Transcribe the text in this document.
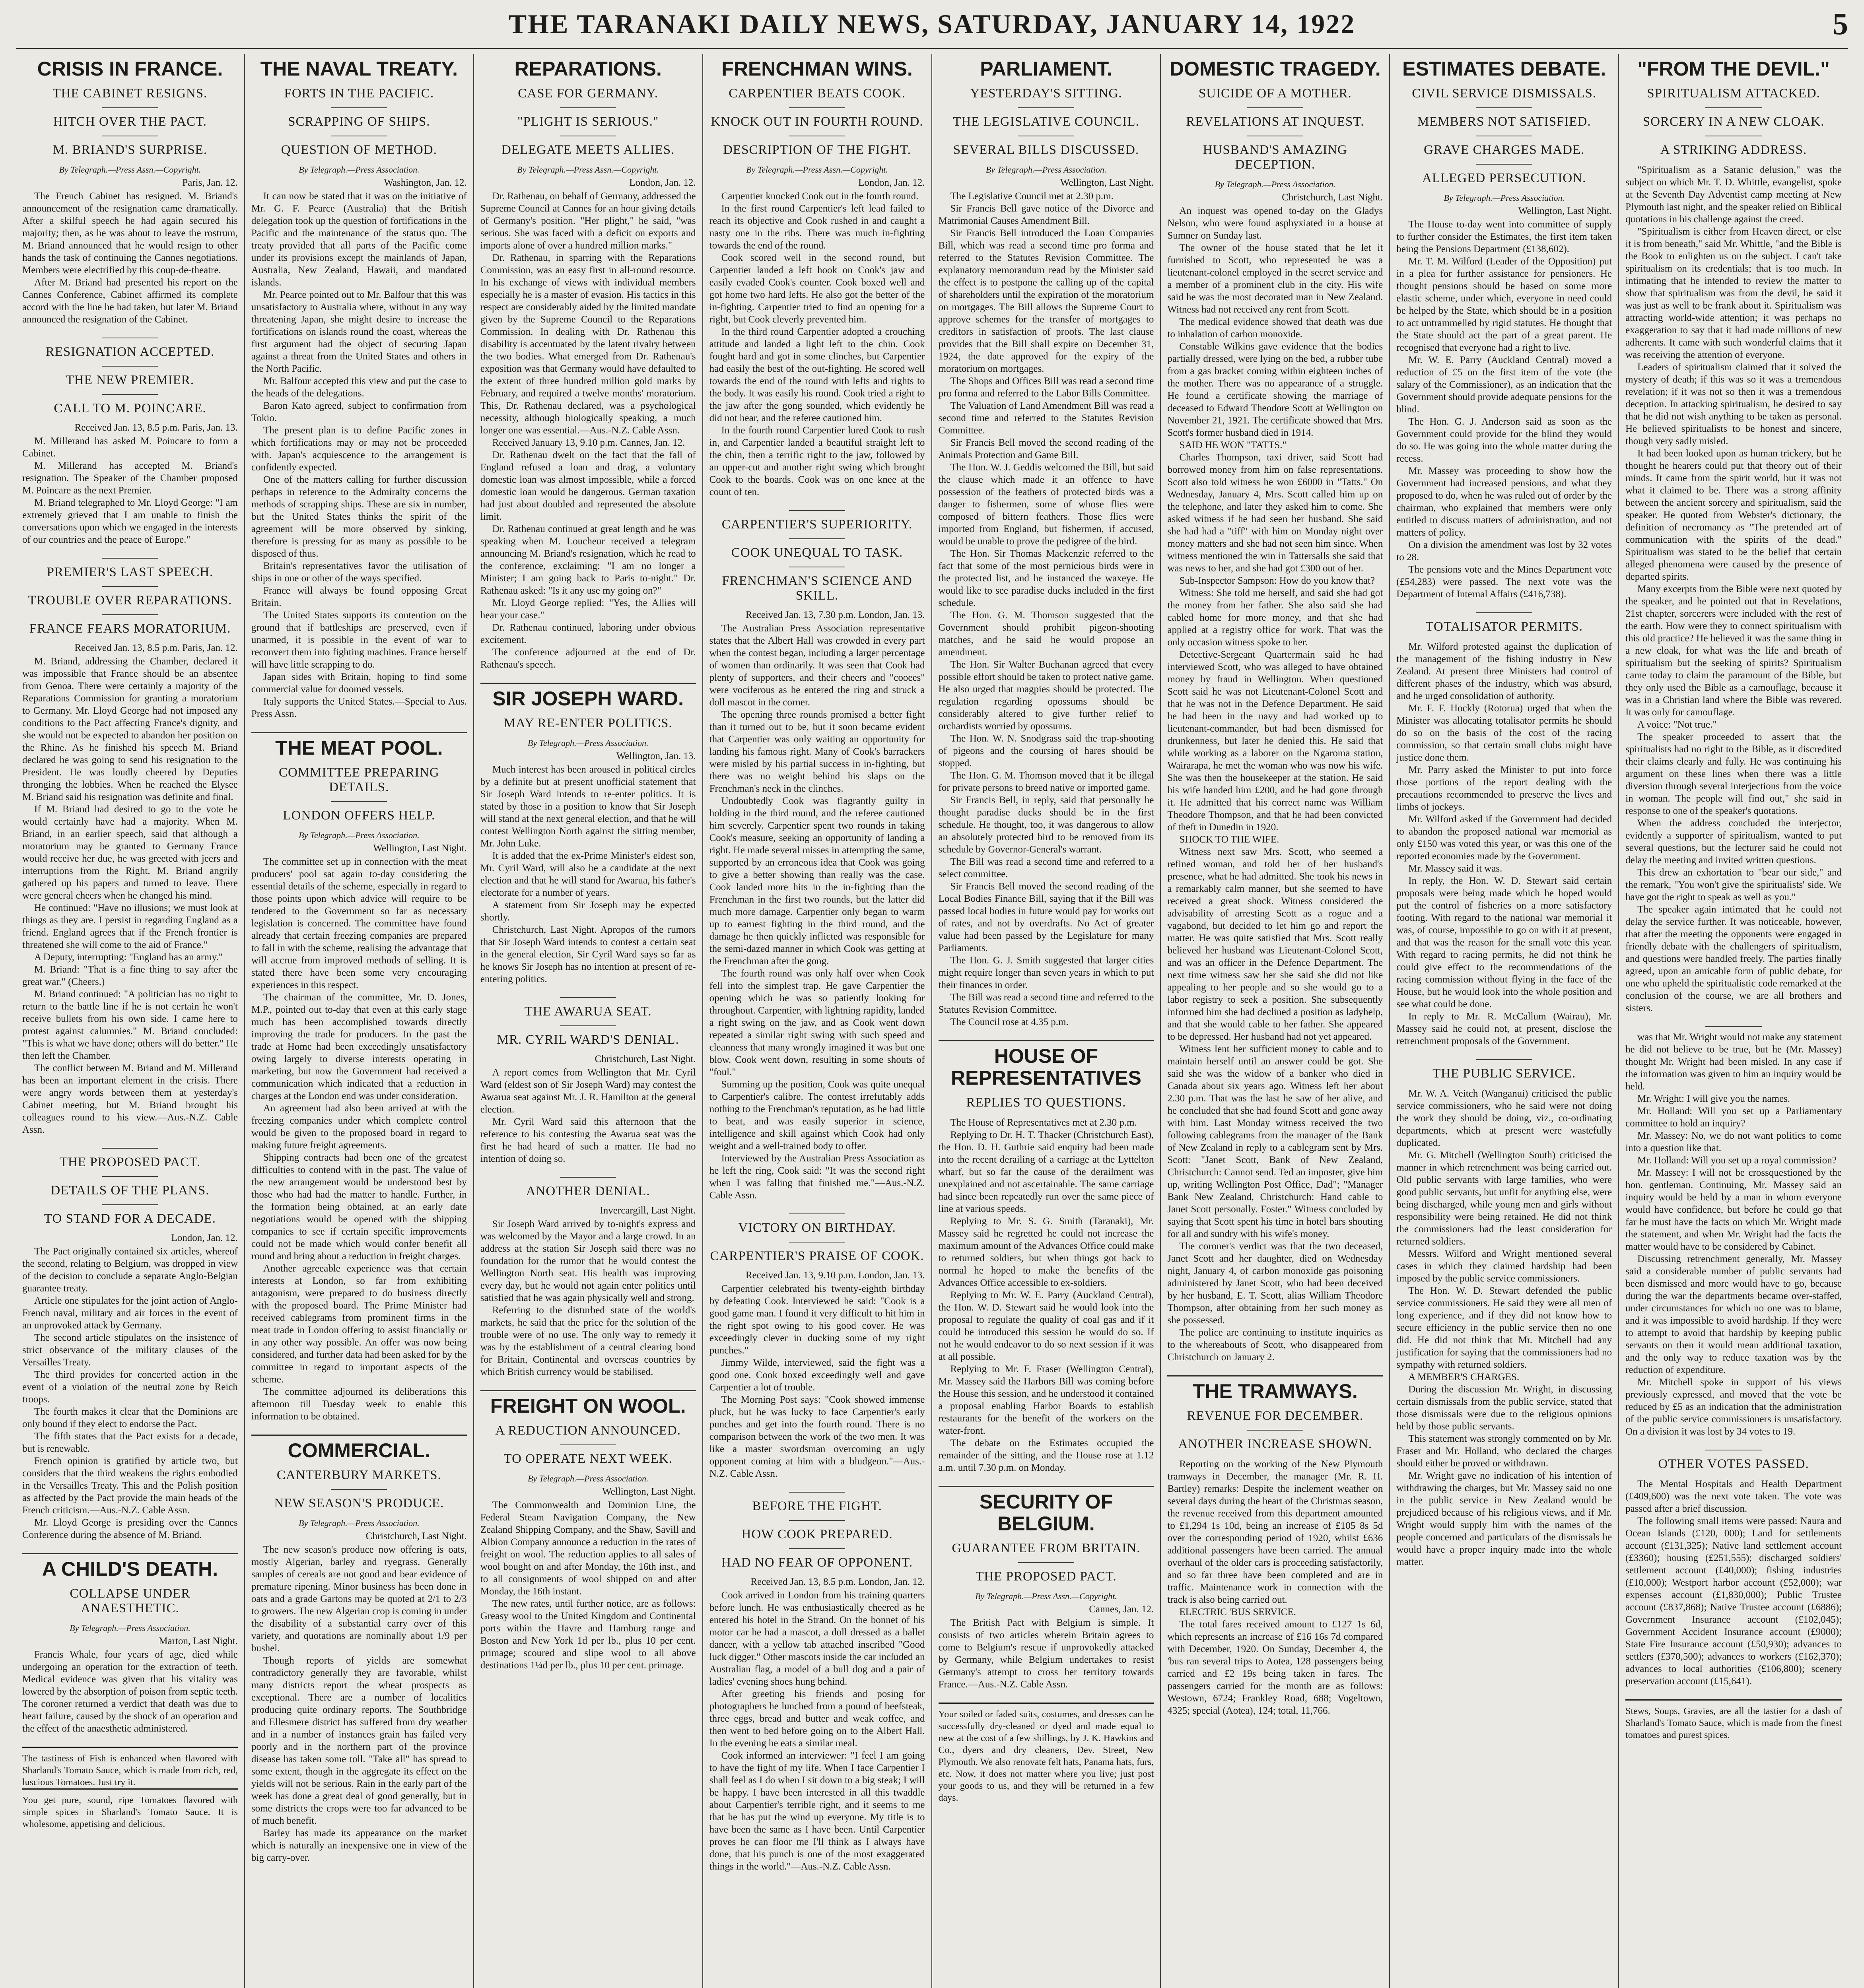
THE TARANAKI DAILY NEWS, SATURDAY, JANUARY 14, 1922	5
CRISIS IN FRANCE.
THE CABINET RESIGNS.
HITCH OVER THE PACT.
M. BRIAND'S SURPRISE.
By Telegraph.—Press Assn.—Copyright.
Paris, Jan. 12.

The French Cabinet has resigned. M. Briand's announcement of the resignation came dramatically. After a skilful speech he had again secured his majority; then, as he was about to leave the rostrum, M. Briand announced that he would resign to other hands the task of continuing the Cannes negotiations. Members were electrified by this coup-de-theatre.

After M. Briand had presented his report on the Cannes Conference, Cabinet affirmed its complete accord with the line he had taken, but later M. Briand announced the resignation of the Cabinet.

RESIGNATION ACCEPTED.
THE NEW PREMIER.
CALL TO M. POINCARE.
Received Jan. 13, 8.5 p.m. Paris, Jan. 13.

M. Millerand has asked M. Poincare to form a Cabinet.

M. Millerand has accepted M. Briand's resignation. The Speaker of the Chamber proposed M. Poincare as the next Premier.

M. Briand telegraphed to Mr. Lloyd George: "I am extremely grieved that I am unable to finish the conversations upon which we engaged in the interests of our countries and the peace of Europe."

PREMIER'S LAST SPEECH.
TROUBLE OVER REPARATIONS.
FRANCE FEARS MORATORIUM.
Received Jan. 13, 8.5 p.m. Paris, Jan. 12.

M. Briand, addressing the Chamber, declared it was impossible that France should be an absentee from Genoa. There were certainly a majority of the Reparations Commission for granting a moratorium to Germany. Mr. Lloyd George had not imposed any conditions to the Pact affecting France's dignity, and she would not be expected to abandon her position on the Rhine. As he finished his speech M. Briand declared he was going to send his resignation to the President. He was loudly cheered by Deputies thronging the lobbies. When he reached the Elysee M. Briand said his resignation was definite and final.

If M. Briand had desired to go to the vote he would certainly have had a majority. When M. Briand, in an earlier speech, said that although a moratorium may be granted to Germany France would receive her due, he was greeted with jeers and interruptions from the Right. M. Briand angrily gathered up his papers and turned to leave. There were general cheers when he changed his mind.

He continued: "Have no illusions; we must look at things as they are. I persist in regarding England as a friend. England agrees that if the French frontier is threatened she will come to the aid of France."

A Deputy, interrupting: "England has an army."

M. Briand: "That is a fine thing to say after the great war." (Cheers.)

M. Briand continued: "A politician has no right to return to the battle line if he is not certain he won't receive bullets from his own side. I came here to protest against calumnies." M. Briand concluded: "This is what we have done; others will do better." He then left the Chamber.

The conflict between M. Briand and M. Millerand has been an important element in the crisis. There were angry words between them at yesterday's Cabinet meeting, but M. Briand brought his colleagues round to his view.—Aus.-N.Z. Cable Assn.

THE PROPOSED PACT.
DETAILS OF THE PLANS.
TO STAND FOR A DECADE.
London, Jan. 12.

The Pact originally contained six articles, whereof the second, relating to Belgium, was dropped in view of the decision to conclude a separate Anglo-Belgian guarantee treaty.

Article one stipulates for the joint action of Anglo-French naval, military and air forces in the event of an unprovoked attack by Germany.

The second article stipulates on the insistence of strict observance of the military clauses of the Versailles Treaty.

The third provides for concerted action in the event of a violation of the neutral zone by Reich troops.

The fourth makes it clear that the Dominions are only bound if they elect to endorse the Pact.

The fifth states that the Pact exists for a decade, but is renewable.

French opinion is gratified by article two, but considers that the third weakens the rights embodied in the Versailles Treaty. This and the Polish position as affected by the Pact provide the main heads of the French criticism.—Aus.-N.Z. Cable Assn.

Mr. Lloyd George is presiding over the Cannes Conference during the absence of M. Briand.

A CHILD'S DEATH.
COLLAPSE UNDER ANAESTHETIC.
By Telegraph.—Press Association.
Marton, Last Night.

Francis Whale, four years of age, died while undergoing an operation for the extraction of teeth. Medical evidence was given that his vitality was lowered by the absorption of poison from septic teeth. The coroner returned a verdict that death was due to heart failure, caused by the shock of an operation and the effect of the anaesthetic administered.

The tastiness of Fish is enhanced when flavored with Sharland's Tomato Sauce, which is made from rich, red, luscious Tomatoes. Just try it.
You get pure, sound, ripe Tomatoes flavored with simple spices in Sharland's Tomato Sauce. It is wholesome, appetising and delicious.
THE NAVAL TREATY.
FORTS IN THE PACIFIC.
SCRAPPING OF SHIPS.
QUESTION OF METHOD.
By Telegraph.—Press Association.
Washington, Jan. 12.

It can now be stated that it was on the initiative of Mr. G. F. Pearce (Australia) that the British delegation took up the question of fortifications in the Pacific and the maintenance of the status quo. The treaty provided that all parts of the Pacific come under its provisions except the mainlands of Japan, Australia, New Zealand, Hawaii, and mandated islands.

Mr. Pearce pointed out to Mr. Balfour that this was unsatisfactory to Australia where, without in any way threatening Japan, she might desire to increase the fortifications on islands round the coast, whereas the first argument had the object of securing Japan against a threat from the United States and others in the North Pacific.

Mr. Balfour accepted this view and put the case to the heads of the delegations.

Baron Kato agreed, subject to confirmation from Tokio.

The present plan is to define Pacific zones in which fortifications may or may not be proceeded with. Japan's acquiescence to the arrangement is confidently expected.

One of the matters calling for further discussion perhaps in reference to the Admiralty concerns the methods of scrapping ships. These are six in number, but the United States thinks the spirit of the agreement will be more observed by sinking, therefore is pressing for as many as possible to be disposed of thus.

Britain's representatives favor the utilisation of ships in one or other of the ways specified.

France will always be found opposing Great Britain.

The United States supports its contention on the ground that if battleships are preserved, even if unarmed, it is possible in the event of war to reconvert them into fighting machines. France herself will have little scrapping to do.

Japan sides with Britain, hoping to find some commercial value for doomed vessels.

Italy supports the United States.—Special to Aus. Press Assn.

THE MEAT POOL.
COMMITTEE PREPARING DETAILS.
LONDON OFFERS HELP.
By Telegraph.—Press Association.
Wellington, Last Night.

The committee set up in connection with the meat producers' pool sat again to-day considering the essential details of the scheme, especially in regard to those points upon which advice will require to be tendered to the Government so far as necessary legislation is concerned. The committee have found already that certain freezing companies are prepared to fall in with the scheme, realising the advantage that will accrue from improved methods of selling. It is stated there have been some very encouraging experiences in this respect.

The chairman of the committee, Mr. D. Jones, M.P., pointed out to-day that even at this early stage much has been accomplished towards directly improving the trade for producers. In the past the trade at Home had been exceedingly unsatisfactory owing largely to diverse interests operating in marketing, but now the Government had received a communication which indicated that a reduction in charges at the London end was under consideration.

An agreement had also been arrived at with the freezing companies under which complete control would be given to the proposed board in regard to making future freight agreements.

Shipping contracts had been one of the greatest difficulties to contend with in the past. The value of the new arrangement would be understood best by those who had had the matter to handle. Further, in the formation being obtained, at an early date negotiations would be opened with the shipping companies to see if certain specific improvements could not be made which would confer benefit all round and bring about a reduction in freight charges.

Another agreeable experience was that certain interests at London, so far from exhibiting antagonism, were prepared to do business directly with the proposed board. The Prime Minister had received cablegrams from prominent firms in the meat trade in London offering to assist financially or in any other way possible. An offer was now being considered, and further data had been asked for by the committee in regard to important aspects of the scheme.

The committee adjourned its deliberations this afternoon till Tuesday week to enable this information to be obtained.

COMMERCIAL.
CANTERBURY MARKETS.
NEW SEASON'S PRODUCE.
By Telegraph.—Press Association.
Christchurch, Last Night.

The new season's produce now offering is oats, mostly Algerian, barley and ryegrass. Generally samples of cereals are not good and bear evidence of premature ripening. Minor business has been done in oats and a grade Gartons may be quoted at 2/1 to 2/3 to growers. The new Algerian crop is coming in under the disability of a substantial carry over of this variety, and quotations are nominally about 1/9 per bushel.

Though reports of yields are somewhat contradictory generally they are favorable, whilst many districts report the wheat prospects as exceptional. There are a number of localities producing quite ordinary reports. The Southbridge and Ellesmere district has suffered from dry weather and in a number of instances grain has failed very poorly and in the northern part of the province disease has taken some toll. "Take all" has spread to some extent, though in the aggregate its effect on the yields will not be serious. Rain in the early part of the week has done a great deal of good generally, but in some districts the crops were too far advanced to be of much benefit.

Barley has made its appearance on the market which is naturally an inexpensive one in view of the big carry-over.

REPARATIONS.
CASE FOR GERMANY.
"PLIGHT IS SERIOUS."
DELEGATE MEETS ALLIES.
By Telegraph.—Press Assn.—Copyright.
London, Jan. 12.

Dr. Rathenau, on behalf of Germany, addressed the Supreme Council at Cannes for an hour giving details of Germany's position. "Her plight," he said, "was serious. She was faced with a deficit on exports and imports alone of over a hundred million marks."

Dr. Rathenau, in sparring with the Reparations Commission, was an easy first in all-round resource. In his exchange of views with individual members especially he is a master of evasion. His tactics in this respect are considerably aided by the limited mandate given by the Supreme Council to the Reparations Commission. In dealing with Dr. Rathenau this disability is accentuated by the latent rivalry between the two bodies. What emerged from Dr. Rathenau's exposition was that Germany would have defaulted to the extent of three hundred million gold marks by February, and required a twelve months' moratorium. This, Dr. Rathenau declared, was a psychological necessity, although biologically speaking, a much longer one was essential.—Aus.-N.Z. Cable Assn.

Received January 13, 9.10 p.m. Cannes, Jan. 12.

Dr. Rathenau dwelt on the fact that the fall of England refused a loan and drag, a voluntary domestic loan was almost impossible, while a forced domestic loan would be dangerous. German taxation had just about doubled and represented the absolute limit.

Dr. Rathenau continued at great length and he was speaking when M. Loucheur received a telegram announcing M. Briand's resignation, which he read to the conference, exclaiming: "I am no longer a Minister; I am going back to Paris to-night." Dr. Rathenau asked: "Is it any use my going on?"

Mr. Lloyd George replied: "Yes, the Allies will hear your case."

Dr. Rathenau continued, laboring under obvious excitement.

The conference adjourned at the end of Dr. Rathenau's speech.

SIR JOSEPH WARD.
MAY RE-ENTER POLITICS.
By Telegraph.—Press Association.
Wellington, Jan. 13.

Much interest has been aroused in political circles by a definite but at present unofficial statement that Sir Joseph Ward intends to re-enter politics. It is stated by those in a position to know that Sir Joseph will stand at the next general election, and that he will contest Wellington North against the sitting member, Mr. John Luke.

It is added that the ex-Prime Minister's eldest son, Mr. Cyril Ward, will also be a candidate at the next election and that he will stand for Awarua, his father's electorate for a number of years.

A statement from Sir Joseph may be expected shortly.

Christchurch, Last Night. Apropos of the rumors that Sir Joseph Ward intends to contest a certain seat in the general election, Sir Cyril Ward says so far as he knows Sir Joseph has no intention at present of re-entering politics.

THE AWARUA SEAT.
MR. CYRIL WARD'S DENIAL.
Christchurch, Last Night.

A report comes from Wellington that Mr. Cyril Ward (eldest son of Sir Joseph Ward) may contest the Awarua seat against Mr. J. R. Hamilton at the general election.

Mr. Cyril Ward said this afternoon that the reference to his contesting the Awarua seat was the first he had heard of such a matter. He had no intention of doing so.

ANOTHER DENIAL.
Invercargill, Last Night.

Sir Joseph Ward arrived by to-night's express and was welcomed by the Mayor and a large crowd. In an address at the station Sir Joseph said there was no foundation for the rumor that he would contest the Wellington North seat. His health was improving every day, but he would not again enter politics until satisfied that he was again physically well and strong.

Referring to the disturbed state of the world's markets, he said that the price for the solution of the trouble were of no use. The only way to remedy it was by the establishment of a central clearing bond for Britain, Continental and overseas countries by which British currency would be stabilised.

FREIGHT ON WOOL.
A REDUCTION ANNOUNCED.
TO OPERATE NEXT WEEK.
By Telegraph.—Press Association.
Wellington, Last Night.

The Commonwealth and Dominion Line, the Federal Steam Navigation Company, the New Zealand Shipping Company, and the Shaw, Savill and Albion Company announce a reduction in the rates of freight on wool. The reduction applies to all sales of wool bought on and after Monday, the 16th inst., and to all consignments of wool shipped on and after Monday, the 16th instant.

The new rates, until further notice, are as follows: Greasy wool to the United Kingdom and Continental ports within the Havre and Hamburg range and Boston and New York 1d per lb., plus 10 per cent. primage; scoured and slipe wool to all above destinations 1¼d per lb., plus 10 per cent. primage.

FRENCHMAN WINS.
CARPENTIER BEATS COOK.
KNOCK OUT IN FOURTH ROUND.
DESCRIPTION OF THE FIGHT.
By Telegraph.—Press Assn.—Copyright.
London, Jan. 12.

Carpentier knocked Cook out in the fourth round.

In the first round Carpentier's left lead failed to reach its objective and Cook rushed in and caught a nasty one in the ribs. There was much in-fighting towards the end of the round.

Cook scored well in the second round, but Carpentier landed a left hook on Cook's jaw and easily evaded Cook's counter. Cook boxed well and got home two hard lefts. He also got the better of the in-fighting. Carpentier tried to find an opening for a right, but Cook cleverly prevented him.

In the third round Carpentier adopted a crouching attitude and landed a light left to the chin. Cook fought hard and got in some clinches, but Carpentier had easily the best of the out-fighting. He scored well towards the end of the round with lefts and rights to the body. It was easily his round. Cook tried a right to the jaw after the gong sounded, which evidently he did not hear, and the referee cautioned him.

In the fourth round Carpentier lured Cook to rush in, and Carpentier landed a beautiful straight left to the chin, then a terrific right to the jaw, followed by an upper-cut and another right swing which brought Cook to the boards. Cook was on one knee at the count of ten.

CARPENTIER'S SUPERIORITY.
COOK UNEQUAL TO TASK.
FRENCHMAN'S SCIENCE AND SKILL.
Received Jan. 13, 7.30 p.m. London, Jan. 13.

The Australian Press Association representative states that the Albert Hall was crowded in every part when the contest began, including a larger percentage of women than ordinarily. It was seen that Cook had plenty of supporters, and their cheers and "cooees" were vociferous as he entered the ring and struck a doll mascot in the corner.

The opening three rounds promised a better fight than it turned out to be, but it soon became evident that Carpentier was only waiting an opportunity for landing his famous right. Many of Cook's barrackers were misled by his partial success in in-fighting, but there was no weight behind his slaps on the Frenchman's neck in the clinches.

Undoubtedly Cook was flagrantly guilty in holding in the third round, and the referee cautioned him severely. Carpentier spent two rounds in taking Cook's measure, seeking an opportunity of landing a right. He made several misses in attempting the same, supported by an erroneous idea that Cook was going to give a better showing than really was the case. Cook landed more hits in the in-fighting than the Frenchman in the first two rounds, but the latter did much more damage. Carpentier only began to warm up to earnest fighting in the third round, and the damage he then quickly inflicted was responsible for the semi-dazed manner in which Cook was getting at the Frenchman after the gong.

The fourth round was only half over when Cook fell into the simplest trap. He gave Carpentier the opening which he was so patiently looking for throughout. Carpentier, with lightning rapidity, landed a right swing on the jaw, and as Cook went down repeated a similar right swing with such speed and cleanness that many wrongly imagined it was but one blow. Cook went down, resulting in some shouts of "foul."

Summing up the position, Cook was quite unequal to Carpentier's calibre. The contest irrefutably adds nothing to the Frenchman's reputation, as he had little to beat, and was easily superior in science, intelligence and skill against which Cook had only weight and a well-trained body to offer.

Interviewed by the Australian Press Association as he left the ring, Cook said: "It was the second right when I was falling that finished me."—Aus.-N.Z. Cable Assn.

VICTORY ON BIRTHDAY.
CARPENTIER'S PRAISE OF COOK.
Received Jan. 13, 9.10 p.m. London, Jan. 13.

Carpentier celebrated his twenty-eighth birthday by defeating Cook. Interviewed he said: "Cook is a good game man. I found it very difficult to hit him in the right spot owing to his good cover. He was exceedingly clever in ducking some of my right punches."

Jimmy Wilde, interviewed, said the fight was a good one. Cook boxed exceedingly well and gave Carpentier a lot of trouble.

The Morning Post says: "Cook showed immense pluck, but he was lucky to face Carpentier's early punches and get into the fourth round. There is no comparison between the work of the two men. It was like a master swordsman overcoming an ugly opponent coming at him with a bludgeon."—Aus.-N.Z. Cable Assn.

BEFORE THE FIGHT.
HOW COOK PREPARED.
HAD NO FEAR OF OPPONENT.
Received Jan. 13, 8.5 p.m. London, Jan. 12.

Cook arrived in London from his training quarters before lunch. He was enthusiastically cheered as he entered his hotel in the Strand. On the bonnet of his motor car he had a mascot, a doll dressed as a ballet dancer, with a yellow tab attached inscribed "Good luck digger." Other mascots inside the car included an Australian flag, a model of a bull dog and a pair of ladies' evening shoes hung behind.

After greeting his friends and posing for photographers he lunched from a pound of beefsteak, three eggs, bread and butter and weak coffee, and then went to bed before going on to the Albert Hall. In the evening he eats a similar meal.

Cook informed an interviewer: "I feel I am going to have the fight of my life. When I face Carpentier I shall feel as I do when I sit down to a big steak; I will be happy. I have been interested in all this twaddle about Carpentier's terrible right, and it seems to me that he has put the wind up everyone. My title is to have been the same as I have been. Until Carpentier proves he can floor me I'll think as I always have done, that his punch is one of the most exaggerated things in the world."—Aus.-N.Z. Cable Assn.

PARLIAMENT.
YESTERDAY'S SITTING.
THE LEGISLATIVE COUNCIL.
SEVERAL BILLS DISCUSSED.
By Telegraph.—Press Association.
Wellington, Last Night.

The Legislative Council met at 2.30 p.m.

Sir Francis Bell gave notice of the Divorce and Matrimonial Causes Amendment Bill.

Sir Francis Bell introduced the Loan Companies Bill, which was read a second time pro forma and referred to the Statutes Revision Committee. The explanatory memorandum read by the Minister said the effect is to postpone the calling up of the capital of shareholders until the expiration of the moratorium on mortgages. The Bill allows the Supreme Court to approve schemes for the transfer of mortgages to creditors in satisfaction of proofs. The last clause provides that the Bill shall expire on December 31, 1924, the date approved for the expiry of the moratorium on mortgages.

The Shops and Offices Bill was read a second time pro forma and referred to the Labor Bills Committee.

The Valuation of Land Amendment Bill was read a second time and referred to the Statutes Revision Committee.

Sir Francis Bell moved the second reading of the Animals Protection and Game Bill.

The Hon. W. J. Geddis welcomed the Bill, but said the clause which made it an offence to have possession of the feathers of protected birds was a danger to fishermen, some of whose flies were composed of bittern feathers. Those flies were imported from England, but fishermen, if accused, would be unable to prove the pedigree of the bird.

The Hon. Sir Thomas Mackenzie referred to the fact that some of the most pernicious birds were in the protected list, and he instanced the waxeye. He would like to see paradise ducks included in the first schedule.

The Hon. G. M. Thomson suggested that the Government should prohibit pigeon-shooting matches, and he said he would propose an amendment.

The Hon. Sir Walter Buchanan agreed that every possible effort should be taken to protect native game. He also urged that magpies should be protected. The regulation regarding opossums should be considerably altered to give further relief to orchardists worried by opossums.

The Hon. W. N. Snodgrass said the trap-shooting of pigeons and the coursing of hares should be stopped.

The Hon. G. M. Thomson moved that it be illegal for private persons to breed native or imported game.

Sir Francis Bell, in reply, said that personally he thought paradise ducks should be in the first schedule. He thought, too, it was dangerous to allow an absolutely protected bird to be removed from its schedule by Governor-General's warrant.

The Bill was read a second time and referred to a select committee.

Sir Francis Bell moved the second reading of the Local Bodies Finance Bill, saying that if the Bill was passed local bodies in future would pay for works out of rates, and not by overdrafts. No Act of greater value had been passed by the Legislature for many Parliaments.

The Hon. G. J. Smith suggested that larger cities might require longer than seven years in which to put their finances in order.

The Bill was read a second time and referred to the Statutes Revision Committee.

The Council rose at 4.35 p.m.

HOUSE OF REPRESENTATIVES
REPLIES TO QUESTIONS.

The House of Representatives met at 2.30 p.m.

Replying to Dr. H. T. Thacker (Christchurch East), the Hon. D. H. Guthrie said enquiry had been made into the recent derailing of a carriage at the Lyttelton wharf, but so far the cause of the derailment was unexplained and not ascertainable. The same carriage had since been repeatedly run over the same piece of line at various speeds.

Replying to Mr. S. G. Smith (Taranaki), Mr. Massey said he regretted he could not increase the maximum amount of the Advances Office could make to returned soldiers, but when things got back to normal he hoped to make the benefits of the Advances Office accessible to ex-soldiers.

Replying to Mr. W. E. Parry (Auckland Central), the Hon. W. D. Stewart said he would look into the proposal to regulate the quality of coal gas and if it could be introduced this session he would do so. If not he would endeavor to do so next session if it was at all possible.

Replying to Mr. F. Fraser (Wellington Central), Mr. Massey said the Harbors Bill was coming before the House this session, and he understood it contained a proposal enabling Harbor Boards to establish restaurants for the benefit of the workers on the water-front.

The debate on the Estimates occupied the remainder of the sitting, and the House rose at 1.12 a.m. until 7.30 p.m. on Monday.

SECURITY OF BELGIUM.
GUARANTEE FROM BRITAIN.
THE PROPOSED PACT.
By Telegraph.—Press Assn.—Copyright.
Cannes, Jan. 12.

The British Pact with Belgium is simple. It consists of two articles wherein Britain agrees to come to Belgium's rescue if unprovokedly attacked by Germany, while Belgium undertakes to resist Germany's attempt to cross her territory towards France.—Aus.-N.Z. Cable Assn.

Your soiled or faded suits, costumes, and dresses can be successfully dry-cleaned or dyed and made equal to new at the cost of a few shillings, by J. K. Hawkins and Co., dyers and dry cleaners, Dev. Street, New Plymouth. We also renovate felt hats, Panama hats, furs, etc. Now, it does not matter where you live; just post your goods to us, and they will be returned in a few days.
DOMESTIC TRAGEDY.
SUICIDE OF A MOTHER.
REVELATIONS AT INQUEST.
HUSBAND'S AMAZING DECEPTION.
By Telegraph.—Press Association.
Christchurch, Last Night.

An inquest was opened to-day on the Gladys Nelson, who were found asphyxiated in a house at Sumner on Sunday last.

The owner of the house stated that he let it furnished to Scott, who represented he was a lieutenant-colonel employed in the secret service and a member of a prominent club in the city. His wife said he was the most decorated man in New Zealand. Witness had not received any rent from Scott.

The medical evidence showed that death was due to inhalation of carbon monoxide.

Constable Wilkins gave evidence that the bodies partially dressed, were lying on the bed, a rubber tube from a gas bracket coming within eighteen inches of the mother. There was no appearance of a struggle. He found a certificate showing the marriage of deceased to Edward Theodore Scott at Wellington on November 21, 1921. The certificate showed that Mrs. Scott's former husband died in 1914.

SAID HE WON "TATTS."

Charles Thompson, taxi driver, said Scott had borrowed money from him on false representations. Scott also told witness he won £6000 in "Tatts." On Wednesday, January 4, Mrs. Scott called him up on the telephone, and later they asked him to come. She asked witness if he had seen her husband. She said she had had a "tiff" with him on Monday night over money matters and she had not seen him since. When witness mentioned the win in Tattersalls she said that was news to her, and she had got £300 out of her.

Sub-Inspector Sampson: How do you know that?

Witness: She told me herself, and said she had got the money from her father. She also said she had cabled home for more money, and that she had applied at a registry office for work. That was the only occasion witness spoke to her.

Detective-Sergeant Quartermain said he had interviewed Scott, who was alleged to have obtained money by fraud in Wellington. When questioned Scott said he was not Lieutenant-Colonel Scott and that he was not in the Defence Department. He said he had been in the navy and had worked up to lieutenant-commander, but had been dismissed for drunkenness, but later he denied this. He said that while working as a laborer on the Ngaroma station, Wairarapa, he met the woman who was now his wife. She was then the housekeeper at the station. He said his wife handed him £200, and he had gone through it. He admitted that his correct name was William Theodore Thompson, and that he had been convicted of theft in Dunedin in 1920.

SHOCK TO THE WIFE.

Witness next saw Mrs. Scott, who seemed a refined woman, and told her of her husband's presence, what he had admitted. She took his news in a remarkably calm manner, but she seemed to have received a great shock. Witness considered the advisability of arresting Scott as a rogue and a vagabond, but decided to let him go and report the matter. He was quite satisfied that Mrs. Scott really believed her husband was Lieutenant-Colonel Scott, and was an officer in the Defence Department. The next time witness saw her she said she did not like appealing to her people and so she would go to a labor registry to seek a position. She subsequently informed him she had declined a position as ladyhelp, and that she would cable to her father. She appeared to be depressed. Her husband had not yet appeared.

Witness lent her sufficient money to cable and to maintain herself until an answer could be got. She said she was the widow of a banker who died in Canada about six years ago. Witness left her about 2.30 p.m. That was the last he saw of her alive, and he concluded that she had found Scott and gone away with him. Last Monday witness received the two following cablegrams from the manager of the Bank of New Zealand in reply to a cablegram sent by Mrs. Scott: "Janet Scott, Bank of New Zealand, Christchurch: Cannot send. Ted an imposter, give him up, writing Wellington Post Office, Dad"; "Manager Bank New Zealand, Christchurch: Hand cable to Janet Scott personally. Foster." Witness concluded by saying that Scott spent his time in hotel bars shouting for all and sundry with his wife's money.

The coroner's verdict was that the two deceased, Janet Scott and her daughter, died on Wednesday night, January 4, of carbon monoxide gas poisoning administered by Janet Scott, who had been deceived by her husband, E. T. Scott, alias William Theodore Thompson, after obtaining from her such money as she possessed.

The police are continuing to institute inquiries as to the whereabouts of Scott, who disappeared from Christchurch on January 2.

THE TRAMWAYS.
REVENUE FOR DECEMBER.
ANOTHER INCREASE SHOWN.

Reporting on the working of the New Plymouth tramways in December, the manager (Mr. R. H. Bartley) remarks: Despite the inclement weather on several days during the heart of the Christmas season, the revenue received from this department amounted to £1,294 1s 10d, being an increase of £105 8s 5d over the corresponding period of 1920, whilst £636 additional passengers have been carried. The annual overhaul of the older cars is proceeding satisfactorily, and so far three have been completed and are in traffic. Maintenance work in connection with the track is also being carried out.

ELECTRIC 'BUS SERVICE.

The total fares received amount to £127 1s 6d, which represents an increase of £16 16s 7d compared with December, 1920. On Sunday, December 4, the 'bus ran several trips to Aotea, 128 passengers being carried and £2 19s being taken in fares. The passengers carried for the month are as follows: Westown, 6724; Frankley Road, 688; Vogeltown, 4325; special (Aotea), 124; total, 11,766.

ESTIMATES DEBATE.
CIVIL SERVICE DISMISSALS.
MEMBERS NOT SATISFIED.
GRAVE CHARGES MADE.
ALLEGED PERSECUTION.
By Telegraph.—Press Association.
Wellington, Last Night.

The House to-day went into committee of supply to further consider the Estimates, the first item taken being the Pensions Department (£138,602).

Mr. T. M. Wilford (Leader of the Opposition) put in a plea for further assistance for pensioners. He thought pensions should be based on some more elastic scheme, under which, everyone in need could be helped by the State, which should be in a position to act untrammelled by rigid statutes. He thought that the State should act the part of a great parent. He recognised that everyone had a right to live.

Mr. W. E. Parry (Auckland Central) moved a reduction of £5 on the first item of the vote (the salary of the Commissioner), as an indication that the Government should provide adequate pensions for the blind.

The Hon. G. J. Anderson said as soon as the Government could provide for the blind they would do so. He was going into the whole matter during the recess.

Mr. Massey was proceeding to show how the Government had increased pensions, and what they proposed to do, when he was ruled out of order by the chairman, who explained that members were only entitled to discuss matters of administration, and not matters of policy.

On a division the amendment was lost by 32 votes to 28.

The pensions vote and the Mines Department vote (£54,283) were passed. The next vote was the Department of Internal Affairs (£416,738).

TOTALISATOR PERMITS.

Mr. Wilford protested against the duplication of the management of the fishing industry in New Zealand. At present three Ministers had control of different phases of the industry, which was absurd, and he urged consolidation of authority.

Mr. F. F. Hockly (Rotorua) urged that when the Minister was allocating totalisator permits he should do so on the basis of the cost of the racing commission, so that certain small clubs might have justice done them.

Mr. Parry asked the Minister to put into force those portions of the report dealing with the precautions recommended to preserve the lives and limbs of jockeys.

Mr. Wilford asked if the Government had decided to abandon the proposed national war memorial as only £150 was voted this year, or was this one of the reported economies made by the Government.

Mr. Massey said it was.

In reply, the Hon. W. D. Stewart said certain proposals were being made which he hoped would put the control of fisheries on a more satisfactory footing. With regard to the national war memorial it was, of course, impossible to go on with it at present, and that was the reason for the small vote this year. With regard to racing permits, he did not think he could give effect to the recommendations of the racing commission without flying in the face of the House, but he would look into the whole position and see what could be done.

In reply to Mr. R. McCallum (Wairau), Mr. Massey said he could not, at present, disclose the retrenchment proposals of the Government.

THE PUBLIC SERVICE.

Mr. W. A. Veitch (Wanganui) criticised the public service commissioners, who he said were not doing the work they should be doing, viz., co-ordinating departments, which at present were wastefully duplicated.

Mr. G. Mitchell (Wellington South) criticised the manner in which retrenchment was being carried out. Old public servants with large families, who were good public servants, but unfit for anything else, were being discharged, while young men and girls without responsibility were being retained. He did not think the commissioners had the least consideration for returned soldiers.

Messrs. Wilford and Wright mentioned several cases in which they claimed hardship had been imposed by the public service commissioners.

The Hon. W. D. Stewart defended the public service commissioners. He said they were all men of long experience, and if they did not know how to secure efficiency in the public service then no one did. He did not think that Mr. Mitchell had any justification for saying that the commissioners had no sympathy with returned soldiers.

A MEMBER'S CHARGES.

During the discussion Mr. Wright, in discussing certain dismissals from the public service, stated that those dismissals were due to the religious opinions held by those public servants.

This statement was strongly commented on by Mr. Fraser and Mr. Holland, who declared the charges should either be proved or withdrawn.

Mr. Wright gave no indication of his intention of withdrawing the charges, but Mr. Massey said no one in the public service in New Zealand would be prejudiced because of his religious views, and if Mr. Wright would supply him with the names of the people concerned and particulars of the dismissals he would have a proper inquiry made into the whole matter.

"FROM THE DEVIL."
SPIRITUALISM ATTACKED.
SORCERY IN A NEW CLOAK.
A STRIKING ADDRESS.

"Spiritualism as a Satanic delusion," was the subject on which Mr. T. D. Whittle, evangelist, spoke at the Seventh Day Adventist camp meeting at New Plymouth last night, and the speaker relied on Biblical quotations in his challenge against the creed.

"Spiritualism is either from Heaven direct, or else it is from beneath," said Mr. Whittle, "and the Bible is the Book to enlighten us on the subject. I can't take spiritualism on its credentials; that is too much. In intimating that he intended to review the matter to show that spiritualism was from the devil, he said it was just as well to be frank about it. Spiritualism was attracting world-wide attention; it was perhaps no exaggeration to say that it had made millions of new adherents. It came with such wonderful claims that it was receiving the attention of everyone.

Leaders of spiritualism claimed that it solved the mystery of death; if this was so it was a tremendous revelation; if it was not so then it was a tremendous deception. In attacking spiritualism, he desired to say that he did not wish anything to be taken as personal. He believed spiritualists to be honest and sincere, though very sadly misled.

It had been looked upon as human trickery, but he thought he hearers could put that theory out of their minds. It came from the spirit world, but it was not what it claimed to be. There was a strong affinity between the ancient sorcery and spiritualism, said the speaker. He quoted from Webster's dictionary, the definition of necromancy as "The pretended art of communication with the spirits of the dead." Spiritualism was stated to be the belief that certain alleged phenomena were caused by the presence of departed spirits.

Many excerpts from the Bible were next quoted by the speaker, and he pointed out that in Revelations, 21st chapter, sorcerers were included with the rest of the earth. How were they to connect spiritualism with this old practice? He believed it was the same thing in a new cloak, for what was the life and breath of spiritualism but the seeking of spirits? Spiritualism came today to claim the paramount of the Bible, but they only used the Bible as a camouflage, because it was in a Christian land where the Bible was revered. It was only for camouflage.

A voice: "Not true."

The speaker proceeded to assert that the spiritualists had no right to the Bible, as it discredited their claims clearly and fully. He was continuing his argument on these lines when there was a little diversion through several interjections from the voice in woman. The people will find out," she said in response to one of the speaker's quotations.

When the address concluded the interjector, evidently a supporter of spiritualism, wanted to put several questions, but the lecturer said he could not delay the meeting and invited written questions.

This drew an exhortation to "bear our side," and the remark, "You won't give the spiritualists' side. We have got the right to speak as well as you."

The speaker again intimated that he could not delay the service further. It was noticeable, however, that after the meeting the opponents were engaged in friendly debate with the challengers of spiritualism, and questions were handled freely. The parties finally agreed, upon an amicable form of public debate, for one who upheld the spiritualistic code remarked at the conclusion of the course, we are all brothers and sisters.

was that Mr. Wright would not make any statement he did not believe to be true, but he (Mr. Massey) thought Mr. Wright had been misled. In any case if the information was given to him an inquiry would be held.

Mr. Wright: I will give you the names.

Mr. Holland: Will you set up a Parliamentary committee to hold an inquiry?

Mr. Massey: No, we do not want politics to come into a question like that.

Mr. Holland: Will you set up a royal commission?

Mr. Massey: I will not be crossquestioned by the hon. gentleman. Continuing, Mr. Massey said an inquiry would be held by a man in whom everyone would have confidence, but before he could go that far he must have the facts on which Mr. Wright made the statement, and when Mr. Wright had the facts the matter would have to be considered by Cabinet.

Discussing retrenchment generally, Mr. Massey said a considerable number of public servants had been dismissed and more would have to go, because during the war the departments became over-staffed, under circumstances for which no one was to blame, and it was impossible to avoid hardship. If they were to attempt to avoid that hardship by keeping public servants on then it would mean additional taxation, and the only way to reduce taxation was by the reduction of expenditure.

Mr. Mitchell spoke in support of his views previously expressed, and moved that the vote be reduced by £5 as an indication that the administration of the public service commissioners is unsatisfactory. On a division it was lost by 34 votes to 19.

OTHER VOTES PASSED.

The Mental Hospitals and Health Department (£409,600) was the next vote taken. The vote was passed after a brief discussion.

The following small items were passed: Naura and Ocean Islands (£120, 000); Land for settlements account (£131,325); Native land settlement account (£3360); housing (£251,555); discharged soldiers' settlement account (£40,000); fishing industries (£10,000); Westport harbor account (£52,000); war expenses account (£1,830,000); Public Trustee account (£837,868); Native Trustee account (£6886); Government Insurance account (£102,045); Government Accident Insurance account (£9000); State Fire Insurance account (£50,930); advances to settlers (£370,500); advances to workers (£162,370); advances to local authorities (£106,800); scenery preservation account (£15,641).

Stews, Soups, Gravies, are all the tastier for a dash of Sharland's Tomato Sauce, which is made from the finest tomatoes and purest spices.
